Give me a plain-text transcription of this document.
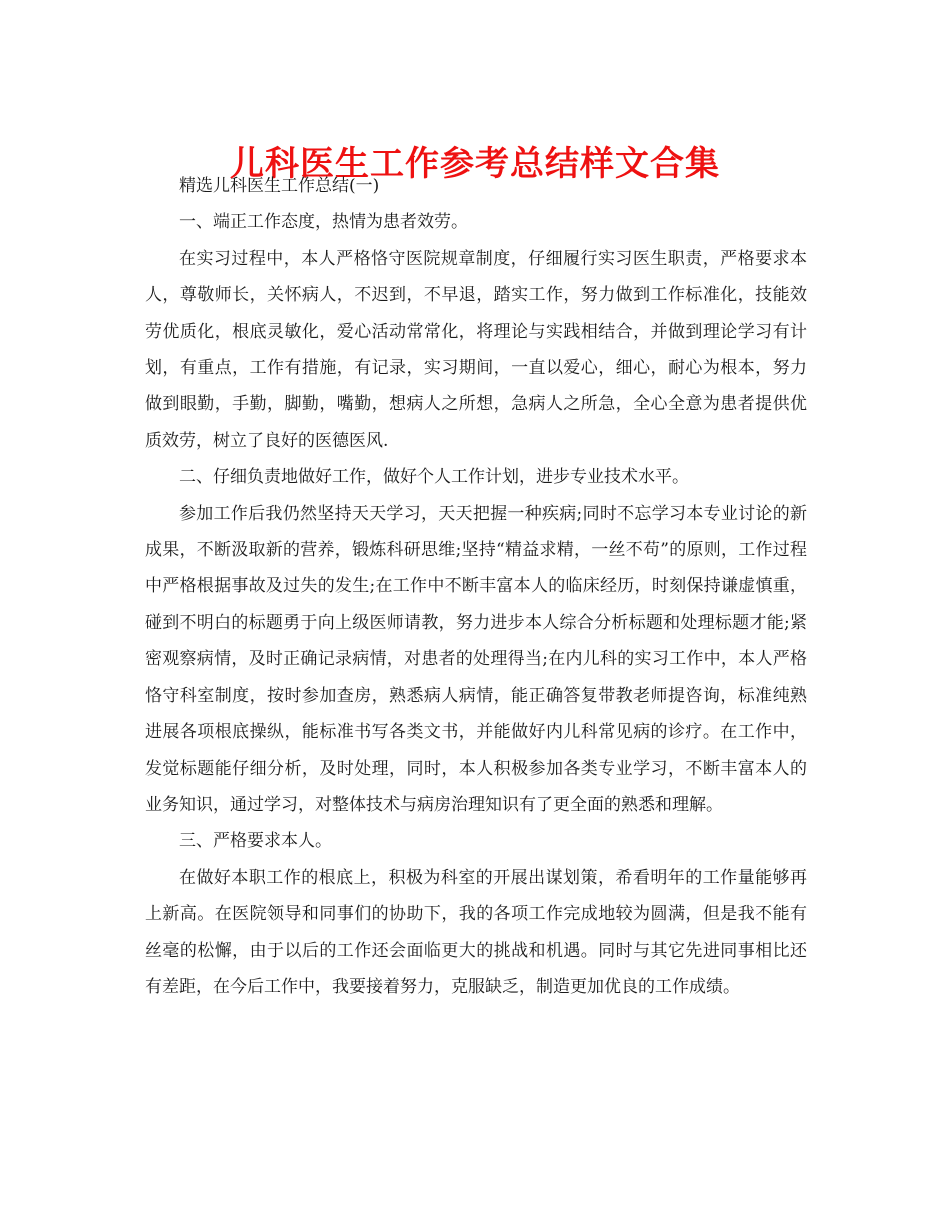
儿科医生工作参考总结样文合集

精选儿科医生工作总结(一)

一、端正工作态度，热情为患者效劳。

在实习过程中，本人严格恪守医院规章制度，仔细履行实习医生职责，严格要求本人，尊敬师长，关怀病人，不迟到，不早退，踏实工作，努力做到工作标准化，技能效劳优质化，根底灵敏化，爱心活动常常化，将理论与实践相结合，并做到理论学习有计划，有重点，工作有措施，有记录，实习期间，一直以爱心，细心，耐心为根本，努力做到眼勤，手勤，脚勤，嘴勤，想病人之所想，急病人之所急，全心全意为患者提供优质效劳，树立了良好的医德医风.

二、仔细负责地做好工作，做好个人工作计划，进步专业技术水平。

参加工作后我仍然坚持天天学习，天天把握一种疾病;同时不忘学习本专业讨论的新成果，不断汲取新的营养，锻炼科研思维;坚持“精益求精，一丝不苟”的原则，工作过程中严格根据事故及过失的发生;在工作中不断丰富本人的临床经历，时刻保持谦虚慎重，碰到不明白的标题勇于向上级医师请教，努力进步本人综合分析标题和处理标题才能;紧密观察病情，及时正确记录病情，对患者的处理得当;在内儿科的实习工作中，本人严格恪守科室制度，按时参加查房，熟悉病人病情，能正确答复带教老师提咨询，标准纯熟进展各项根底操纵，能标准书写各类文书，并能做好内儿科常见病的诊疗。在工作中，发觉标题能仔细分析，及时处理，同时，本人积极参加各类专业学习，不断丰富本人的业务知识，通过学习，对整体技术与病房治理知识有了更全面的熟悉和理解。

三、严格要求本人。

在做好本职工作的根底上，积极为科室的开展出谋划策，希看明年的工作量能够再上新高。在医院领导和同事们的协助下，我的各项工作完成地较为圆满，但是我不能有丝毫的松懈，由于以后的工作还会面临更大的挑战和机遇。同时与其它先进同事相比还有差距，在今后工作中，我要接着努力，克服缺乏，制造更加优良的工作成绩。
